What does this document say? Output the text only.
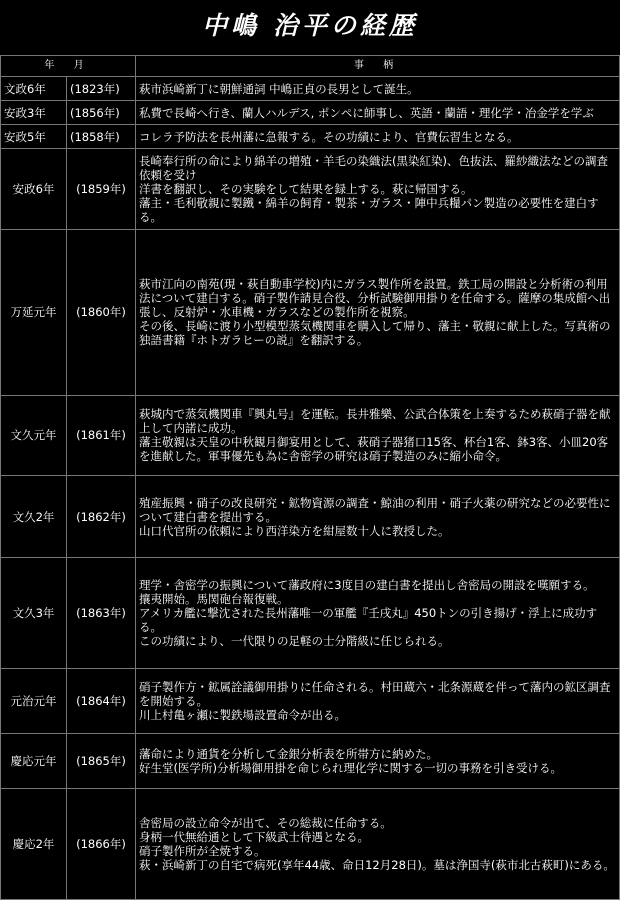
中嶋 治平の経歴
年 月		事 柄
文政6年	(1823年)	萩市浜崎新丁に朝鮮通詞 中嶋正貞の長男として誕生。

安政3年	(1856年)	私費で長崎へ行き、蘭人ハルデス, ポンペに師事し、英語・蘭語・理化学・冶金学を学ぶ

安政5年	(1858年)	コレラ予防法を長州藩に急報する。その功績により、官費伝習生となる。

安政6年	(1859年)	長崎奉行所の命により綿羊の増殖・羊毛の染織法(黒染紅染)、色抜法、羅紗織法などの調査依頼を受け
洋書を翻訳し、その実験をして結果を録上する。萩に帰国する。
藩主・毛利敬親に製鐵・綿羊の飼育・製茶・ガラス・陣中兵糧パン製造の必要性を建白する。

万延元年	(1860年)	萩市江向の南苑(現・萩自動車学校)内にガラス製作所を設置。鉄工局の開設と分析術の利用法について建白する。硝子製作請見合役、分析試験御用掛りを任命する。薩摩の集成館へ出張し、反射炉・水車機・ガラスなどの製作所を視察。
その後、長崎に渡り小型模型蒸気機関車を購入して帰り、藩主・敬親に献上した。写真術の独語書籍『ホトガラヒーの説』を翻訳する。

文久元年	(1861年)	萩城内で蒸気機関車『興丸号』を運転。長井雅樂、公武合体策を上奏するため萩硝子器を献上して内諾に成功。
藩主敬親は天皇の中秋観月御宴用として、萩硝子器猪口15客、杯台1客、鉢3客、小皿20客を進献した。軍事優先も為に舎密学の研究は硝子製造のみに縮小命令。

文久2年	(1862年)	殖産振興・硝子の改良研究・鉱物資源の調査・鯨油の利用・硝子火薬の研究などの必要性について建白書を提出する。
山口代官所の依頼により西洋染方を紺屋数十人に教授した。

文久3年	(1863年)	理学・舎密学の振興について藩政府に3度目の建白書を提出し舎密局の開設を嘆願する。
攘夷開始。馬関砲台報復戦。
アメリカ艦に撃沈された長州藩唯一の軍艦『壬戌丸』450トンの引き揚げ・浮上に成功する。
この功績により、一代限りの足軽の士分階級に任じられる。

元治元年	(1864年)	硝子製作方・鉱属詮議御用掛りに任命される。村田蔵六・北条源蔵を伴って藩内の鉱区調査を開始する。
川上村亀ヶ瀬に製鉄場設置命令が出る。

慶応元年	(1865年)	藩命により通貨を分析して金銀分析表を所帯方に納めた。
好生堂(医学所)分析場御用掛を命じられ理化学に関する一切の事務を引き受ける。

慶応2年	(1866年)	舎密局の設立命令が出て、その総裁に任命する。
身柄一代無給通として下級武士待遇となる。
硝子製作所が全焼する。
萩・浜崎新丁の自宅で病死(享年44歳、命日12月28日)。墓は浄国寺(萩市北古萩町)にある。
